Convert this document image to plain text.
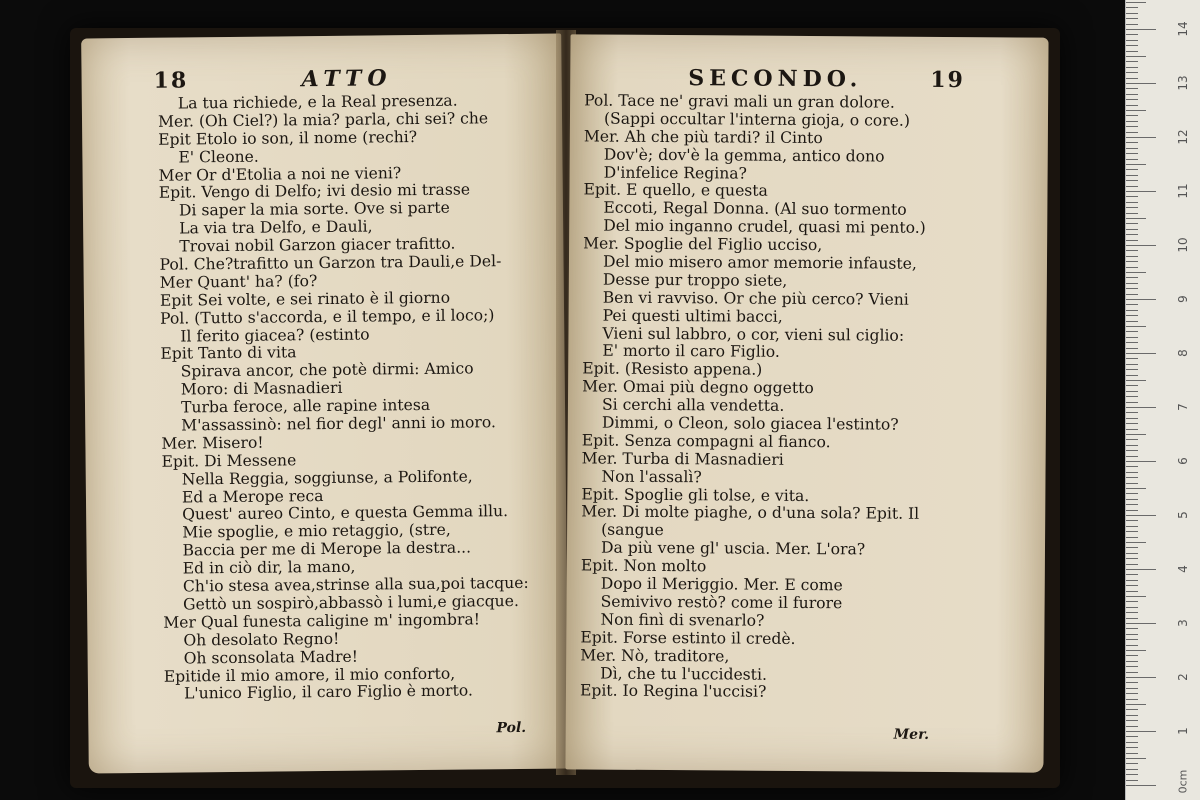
18	ATTO
La tua richiede, e la Real presenza.
Mer. (Oh Ciel?) la mia? parla, chi sei? che
Epit Etolo io son, il nome (rechi?
E' Cleone.
Mer Or d'Etolia a noi ne vieni?
Epit. Vengo di Delfo; ivi desio mi trasse
Di saper la mia sorte. Ove si parte
La via tra Delfo, e Dauli,
Trovai nobil Garzon giacer trafitto.
Pol. Che?trafitto un Garzon tra Dauli,e Del-
Mer Quant' ha? (fo?
Epit Sei volte, e sei rinato è il giorno
Pol. (Tutto s'accorda, e il tempo, e il loco;)
Il ferito giacea? (estinto
Epit Tanto di vita
Spirava ancor, che potè dirmi: Amico
Moro: di Masnadieri
Turba feroce, alle rapine intesa
M'assassinò: nel fior degl' anni io moro.
Mer. Misero!
Epit. Di Messene
Nella Reggia, soggiunse, a Polifonte,
Ed a Merope reca
Quest' aureo Cinto, e questa Gemma illu.
Mie spoglie, e mio retaggio, (stre,
Baccia per me di Merope la destra...
Ed in ciò dir, la mano,
Ch'io stesa avea,strinse alla sua,poi tacque:
Gettò un sospirò,abbassò i lumi,e giacque.
Mer Qual funesta caligine m' ingombra!
Oh desolato Regno!
Oh sconsolata Madre!
Epitide il mio amore, il mio conforto,
L'unico Figlio, il caro Figlio è morto.
Pol.
SECONDO.	19
Pol. Tace ne' gravi mali un gran dolore.
(Sappi occultar l'interna gioja, o core.)
Mer. Ah che più tardi? il Cinto
Dov'è; dov'è la gemma, antico dono
D'infelice Regina?
Epit. E quello, e questa
Eccoti, Regal Donna. (Al suo tormento
Del mio inganno crudel, quasi mi pento.)
Mer. Spoglie del Figlio ucciso,
Del mio misero amor memorie infauste,
Desse pur troppo siete,
Ben vi ravviso. Or che più cerco? Vieni
Pei questi ultimi bacci,
Vieni sul labbro, o cor, vieni sul ciglio:
E' morto il caro Figlio.
Epit. (Resisto appena.)
Mer. Omai più degno oggetto
Si cerchi alla vendetta.
Dimmi, o Cleon, solo giacea l'estinto?
Epit. Senza compagni al fianco.
Mer. Turba di Masnadieri
Non l'assalì?
Epit. Spoglie gli tolse, e vita.
Mer. Di molte piaghe, o d'una sola? Epit. Il
(sangue
Da più vene gl' uscia. Mer. L'ora?
Epit. Non molto
Dopo il Meriggio. Mer. E come
Semivivo restò? come il furore
Non finì di svenarlo?
Epit. Forse estinto il credè.
Mer. Nò, traditore,
Dì, che tu l'uccidesti.
Epit. Io Regina l'uccisi?
Mer.
0cm
14
13
12
11
10
9
8
7
6
5
4
3
2
1
